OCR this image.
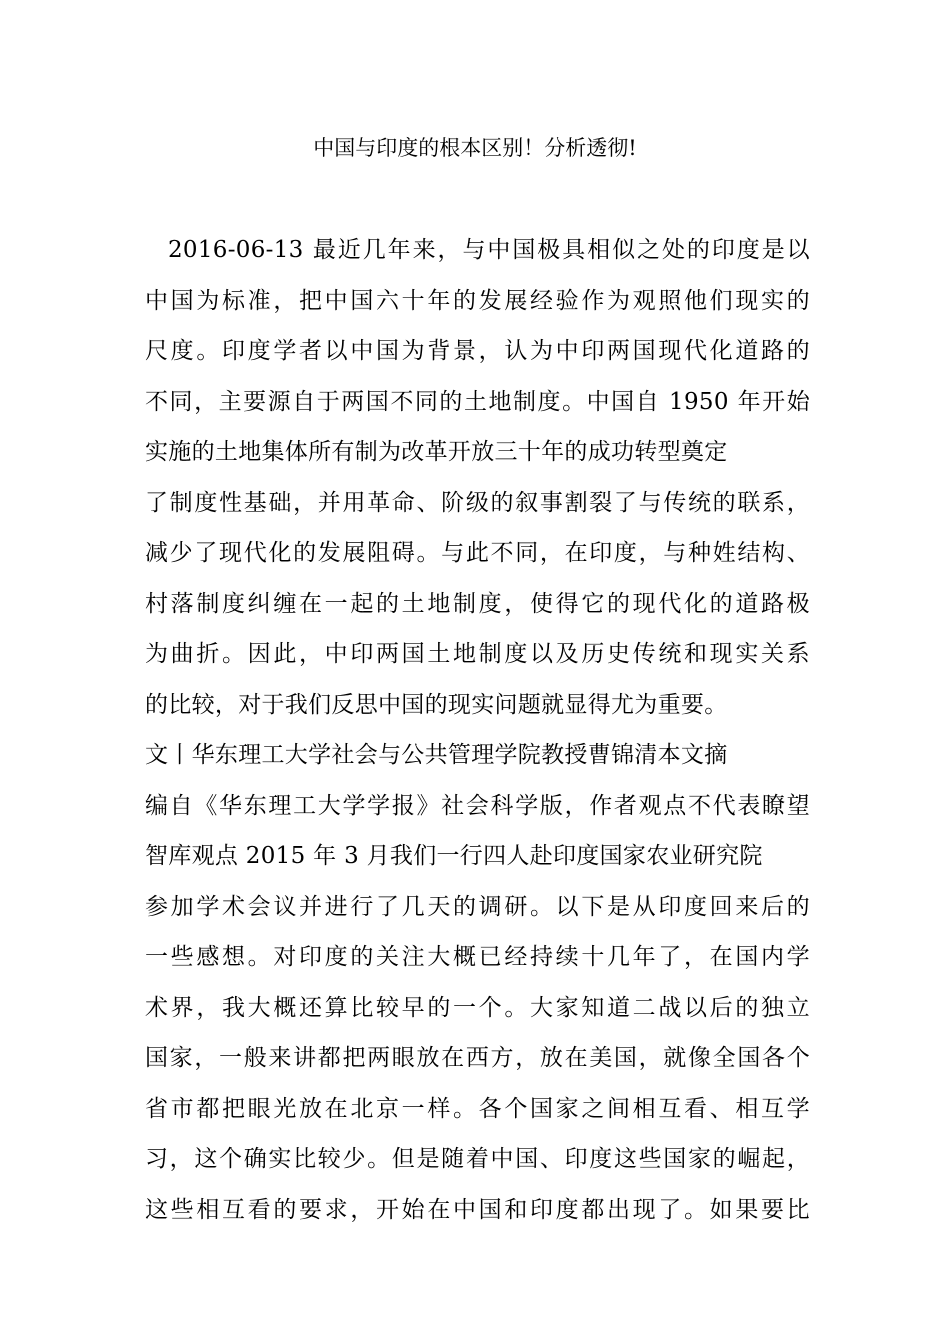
中国与印度的根本区别！分析透彻!
2016-06-13 最近几年来，与中国极具相似之处的印度是以
中国为标准，把中国六十年的发展经验作为观照他们现实的
尺度。印度学者以中国为背景，认为中印两国现代化道路的
不同，主要源自于两国不同的土地制度。中国自 1950 年开始
实施的土地集体所有制为改革开放三十年的成功转型奠定
了制度性基础，并用革命、阶级的叙事割裂了与传统的联系，
减少了现代化的发展阻碍。与此不同，在印度，与种姓结构、
村落制度纠缠在一起的土地制度，使得它的现代化的道路极
为曲折。因此，中印两国土地制度以及历史传统和现实关系
的比较，对于我们反思中国的现实问题就显得尤为重要。
文丨华东理工大学社会与公共管理学院教授曹锦清本文摘
编自《华东理工大学学报》社会科学版，作者观点不代表瞭望
智库观点 2015 年 3 月我们一行四人赴印度国家农业研究院
参加学术会议并进行了几天的调研。以下是从印度回来后的
一些感想。对印度的关注大概已经持续十几年了，在国内学
术界，我大概还算比较早的一个。大家知道二战以后的独立
国家，一般来讲都把两眼放在西方，放在美国，就像全国各个
省市都把眼光放在北京一样。各个国家之间相互看、相互学
习，这个确实比较少。但是随着中国、印度这些国家的崛起，
这些相互看的要求，开始在中国和印度都出现了。如果要比
